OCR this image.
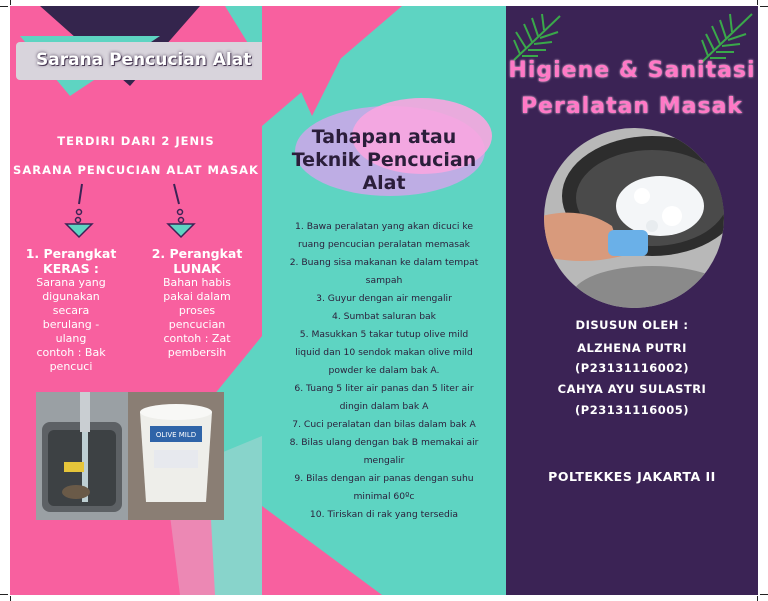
Sarana Pencucian Alat
TERDIRI DARI 2 JENIS
SARANA PENCUCIAN ALAT MASAK
1. Perangkat
KERAS :
Sarana yang
digunakan
secara
berulang -
ulang
contoh : Bak
pencuci
2. Perangkat
LUNAK
Bahan habis
pakai dalam
proses
pencucian
contoh : Zat
pembersih
OLIVE MILD
Tahapan atau
Teknik Pencucian
Alat
1. Bawa peralatan yang akan dicuci ke
ruang pencucian peralatan memasak
2. Buang sisa makanan ke dalam tempat
sampah
3. Guyur dengan air mengalir
4. Sumbat saluran bak
5. Masukkan 5 takar tutup olive mild
liquid dan 10 sendok makan olive mild
powder ke dalam bak A.
6. Tuang 5 liter air panas dan 5 liter air
dingin dalam bak A
7. Cuci peralatan dan bilas dalam bak A
8. Bilas ulang dengan bak B memakai air
mengalir
9. Bilas dengan air panas dengan suhu
minimal 60ºc
10. Tiriskan di rak yang tersedia
Higiene & Sanitasi
Peralatan Masak
DISUSUN OLEH :
ALZHENA PUTRI
(P23131116002)
CAHYA AYU SULASTRI
(P23131116005)
POLTEKKES JAKARTA II
